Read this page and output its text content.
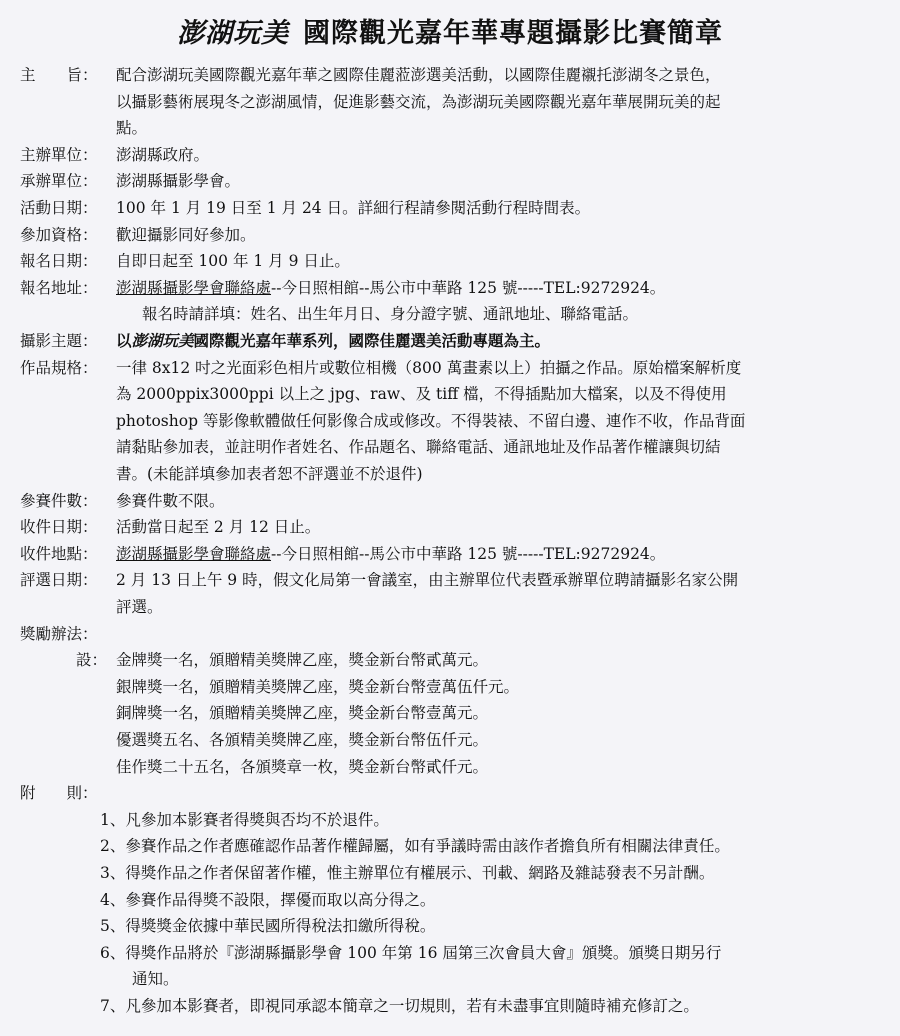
澎湖玩美 國際觀光嘉年華專題攝影比賽簡章
主　　旨：	配合澎湖玩美國際觀光嘉年華之國際佳麗蒞澎選美活動，以國際佳麗襯托澎湖冬之景色，
以攝影藝術展現冬之澎湖風情，促進影藝交流，為澎湖玩美國際觀光嘉年華展開玩美的起
點。
主辦單位：	澎湖縣政府。
承辦單位：	澎湖縣攝影學會。
活動日期：	100 年 1 月 19 日至 1 月 24 日。詳細行程請參閱活動行程時間表。
參加資格：	歡迎攝影同好參加。
報名日期：	自即日起至 100 年 1 月 9 日止。
報名地址：	澎湖縣攝影學會聯絡處--今日照相館--馬公市中華路 125 號-----TEL:9272924。
報名時請詳填：姓名、出生年月日、身分證字號、通訊地址、聯絡電話。
攝影主題：	以澎湖玩美國際觀光嘉年華系列，國際佳麗選美活動專題為主。
作品規格：	一律 8x12 吋之光面彩色相片或數位相機（800 萬畫素以上）拍攝之作品。原始檔案解析度
為 2000ppix3000ppi 以上之 jpg、raw、及 tiff 檔，不得插點加大檔案，以及不得使用
photoshop 等影像軟體做任何影像合成或修改。不得裝裱、不留白邊、連作不收，作品背面
請黏貼參加表，並註明作者姓名、作品題名、聯絡電話、通訊地址及作品著作權讓與切結
書。(未能詳填參加表者恕不評選並不於退件)
參賽件數：	參賽件數不限。
收件日期：	活動當日起至 2 月 12 日止。
收件地點：	澎湖縣攝影學會聯絡處--今日照相館--馬公市中華路 125 號-----TEL:9272924。
評選日期：	2 月 13 日上午 9 時，假文化局第一會議室，由主辦單位代表暨承辦單位聘請攝影名家公開
評選。
獎勵辦法：
設： 金牌獎一名，頒贈精美獎牌乙座，獎金新台幣貳萬元。
銀牌獎一名，頒贈精美獎牌乙座，獎金新台幣壹萬伍仟元。
銅牌獎一名，頒贈精美獎牌乙座，獎金新台幣壹萬元。
優選獎五名、各頒精美獎牌乙座，獎金新台幣伍仟元。
佳作獎二十五名，各頒獎章一枚，獎金新台幣貳仟元。
附　　則：
1、凡參加本影賽者得獎與否均不於退件。
2、參賽作品之作者應確認作品著作權歸屬，如有爭議時需由該作者擔負所有相關法律責任。
3、得獎作品之作者保留著作權，惟主辦單位有權展示、刊載、網路及雜誌發表不另計酬。
4、參賽作品得獎不設限，擇優而取以高分得之。
5、得獎獎金依據中華民國所得稅法扣繳所得稅。
6、得獎作品將於『澎湖縣攝影學會 100 年第 16 屆第三次會員大會』頒獎。頒獎日期另行
通知。
7、凡參加本影賽者，即視同承認本簡章之一切規則，若有未盡事宜則隨時補充修訂之。
